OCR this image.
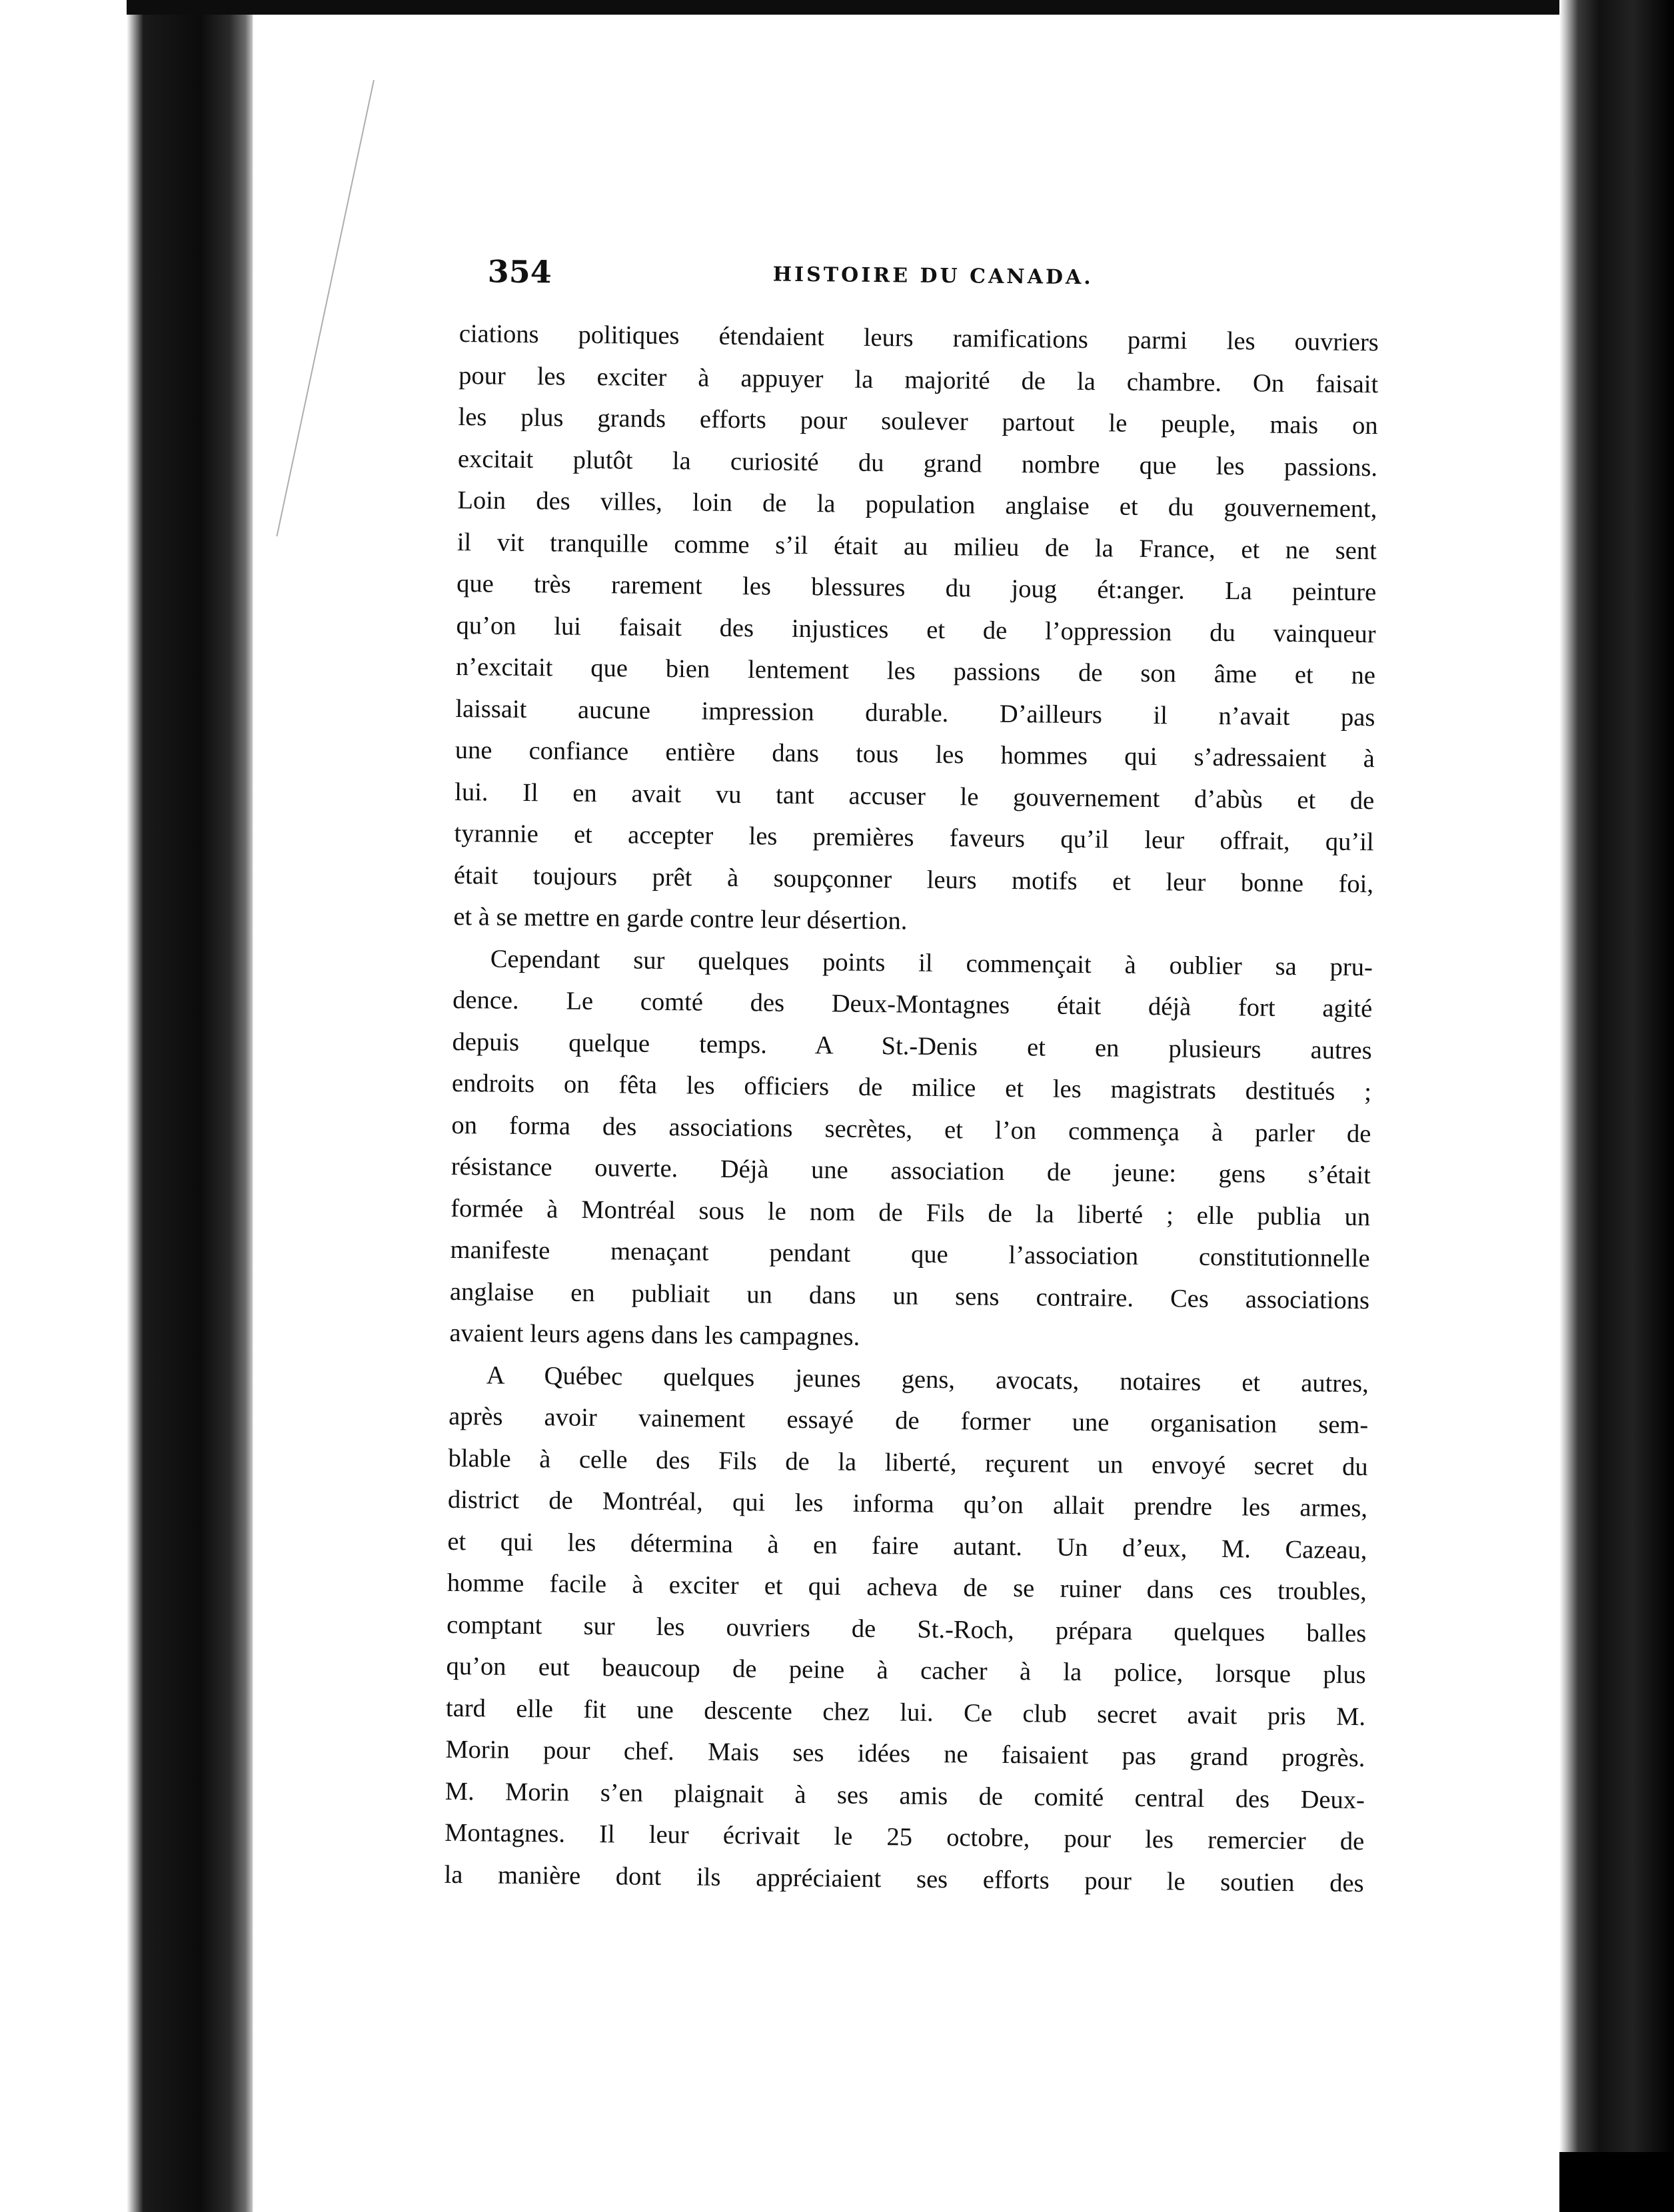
354	HISTOIRE DU CANADA.
ciations politiques étendaient leurs ramifications parmi les ouvriers
pour les exciter à appuyer la majorité de la chambre. On faisait
les plus grands efforts pour soulever partout le peuple, mais on
excitait plutôt la curiosité du grand nombre que les passions.
Loin des villes, loin de la population anglaise et du gouvernement,
il vit tranquille comme s’il était au milieu de la France, et ne sent
que très rarement les blessures du joug ét:anger. La peinture
qu’on lui faisait des injustices et de l’oppression du vainqueur
n’excitait que bien lentement les passions de son âme et ne
laissait aucune impression durable. D’ailleurs il n’avait pas
une confiance entière dans tous les hommes qui s’adressaient à
lui. Il en avait vu tant accuser le gouvernement d’abùs et de
tyrannie et accepter les premières faveurs qu’il leur offrait, qu’il
était toujours prêt à soupçonner leurs motifs et leur bonne foi,
et à se mettre en garde contre leur désertion.
Cependant sur quelques points il commençait à oublier sa pru-
dence. Le comté des Deux-Montagnes était déjà fort agité
depuis quelque temps. A St.-Denis et en plusieurs autres
endroits on fêta les officiers de milice et les magistrats destitués ;
on forma des associations secrètes, et l’on commença à parler de
résistance ouverte. Déjà une association de jeune: gens s’était
formée à Montréal sous le nom de Fils de la liberté ; elle publia un
manifeste menaçant pendant que l’association constitutionnelle
anglaise en publiait un dans un sens contraire. Ces associations
avaient leurs agens dans les campagnes.
A Québec quelques jeunes gens, avocats, notaires et autres,
après avoir vainement essayé de former une organisation sem-
blable à celle des Fils de la liberté, reçurent un envoyé secret du
district de Montréal, qui les informa qu’on allait prendre les armes,
et qui les détermina à en faire autant. Un d’eux, M. Cazeau,
homme facile à exciter et qui acheva de se ruiner dans ces troubles,
comptant sur les ouvriers de St.-Roch, prépara quelques balles
qu’on eut beaucoup de peine à cacher à la police, lorsque plus
tard elle fit une descente chez lui. Ce club secret avait pris M.
Morin pour chef. Mais ses idées ne faisaient pas grand progrès.
M. Morin s’en plaignait à ses amis de comité central des Deux-
Montagnes. Il leur écrivait le 25 octobre, pour les remercier de
la manière dont ils appréciaient ses efforts pour le soutien des
